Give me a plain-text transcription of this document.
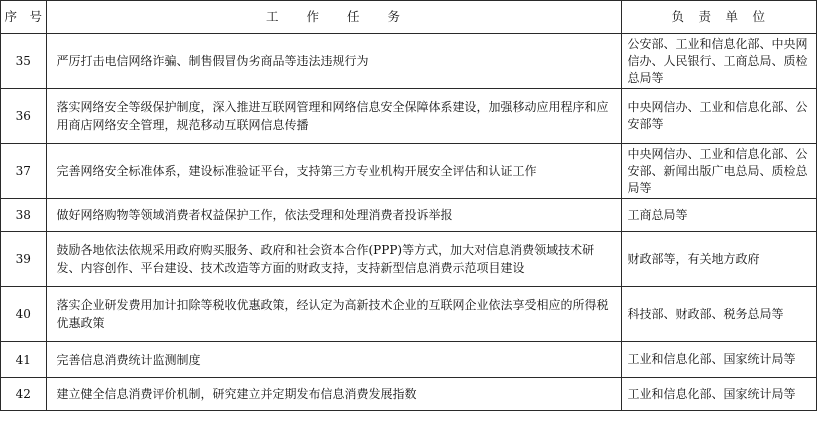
序　号	工　　作　　任　　务	负　责　单　位
35	严厉打击电信网络诈骗、制售假冒伪劣商品等违法违规行为	公安部、工业和信息化部、中央网信办、人民银行、工商总局、质检总局等
36	落实网络安全等级保护制度，深入推进互联网管理和网络信息安全保障体系建设，加强移动应用程序和应用商店网络安全管理，规范移动互联网信息传播	中央网信办、工业和信息化部、公安部等
37	完善网络安全标准体系，建设标准验证平台，支持第三方专业机构开展安全评估和认证工作	中央网信办、工业和信息化部、公安部、新闻出版广电总局、质检总局等
38	做好网络购物等领域消费者权益保护工作，依法受理和处理消费者投诉举报	工商总局等
39	鼓励各地依法依规采用政府购买服务、政府和社会资本合作(PPP)等方式，加大对信息消费领域技术研发、内容创作、平台建设、技术改造等方面的财政支持，支持新型信息消费示范项目建设	财政部等，有关地方政府
40	落实企业研发费用加计扣除等税收优惠政策，经认定为高新技术企业的互联网企业依法享受相应的所得税优惠政策	科技部、财政部、税务总局等
41	完善信息消费统计监测制度	工业和信息化部、国家统计局等
42	建立健全信息消费评价机制，研究建立并定期发布信息消费发展指数	工业和信息化部、国家统计局等
